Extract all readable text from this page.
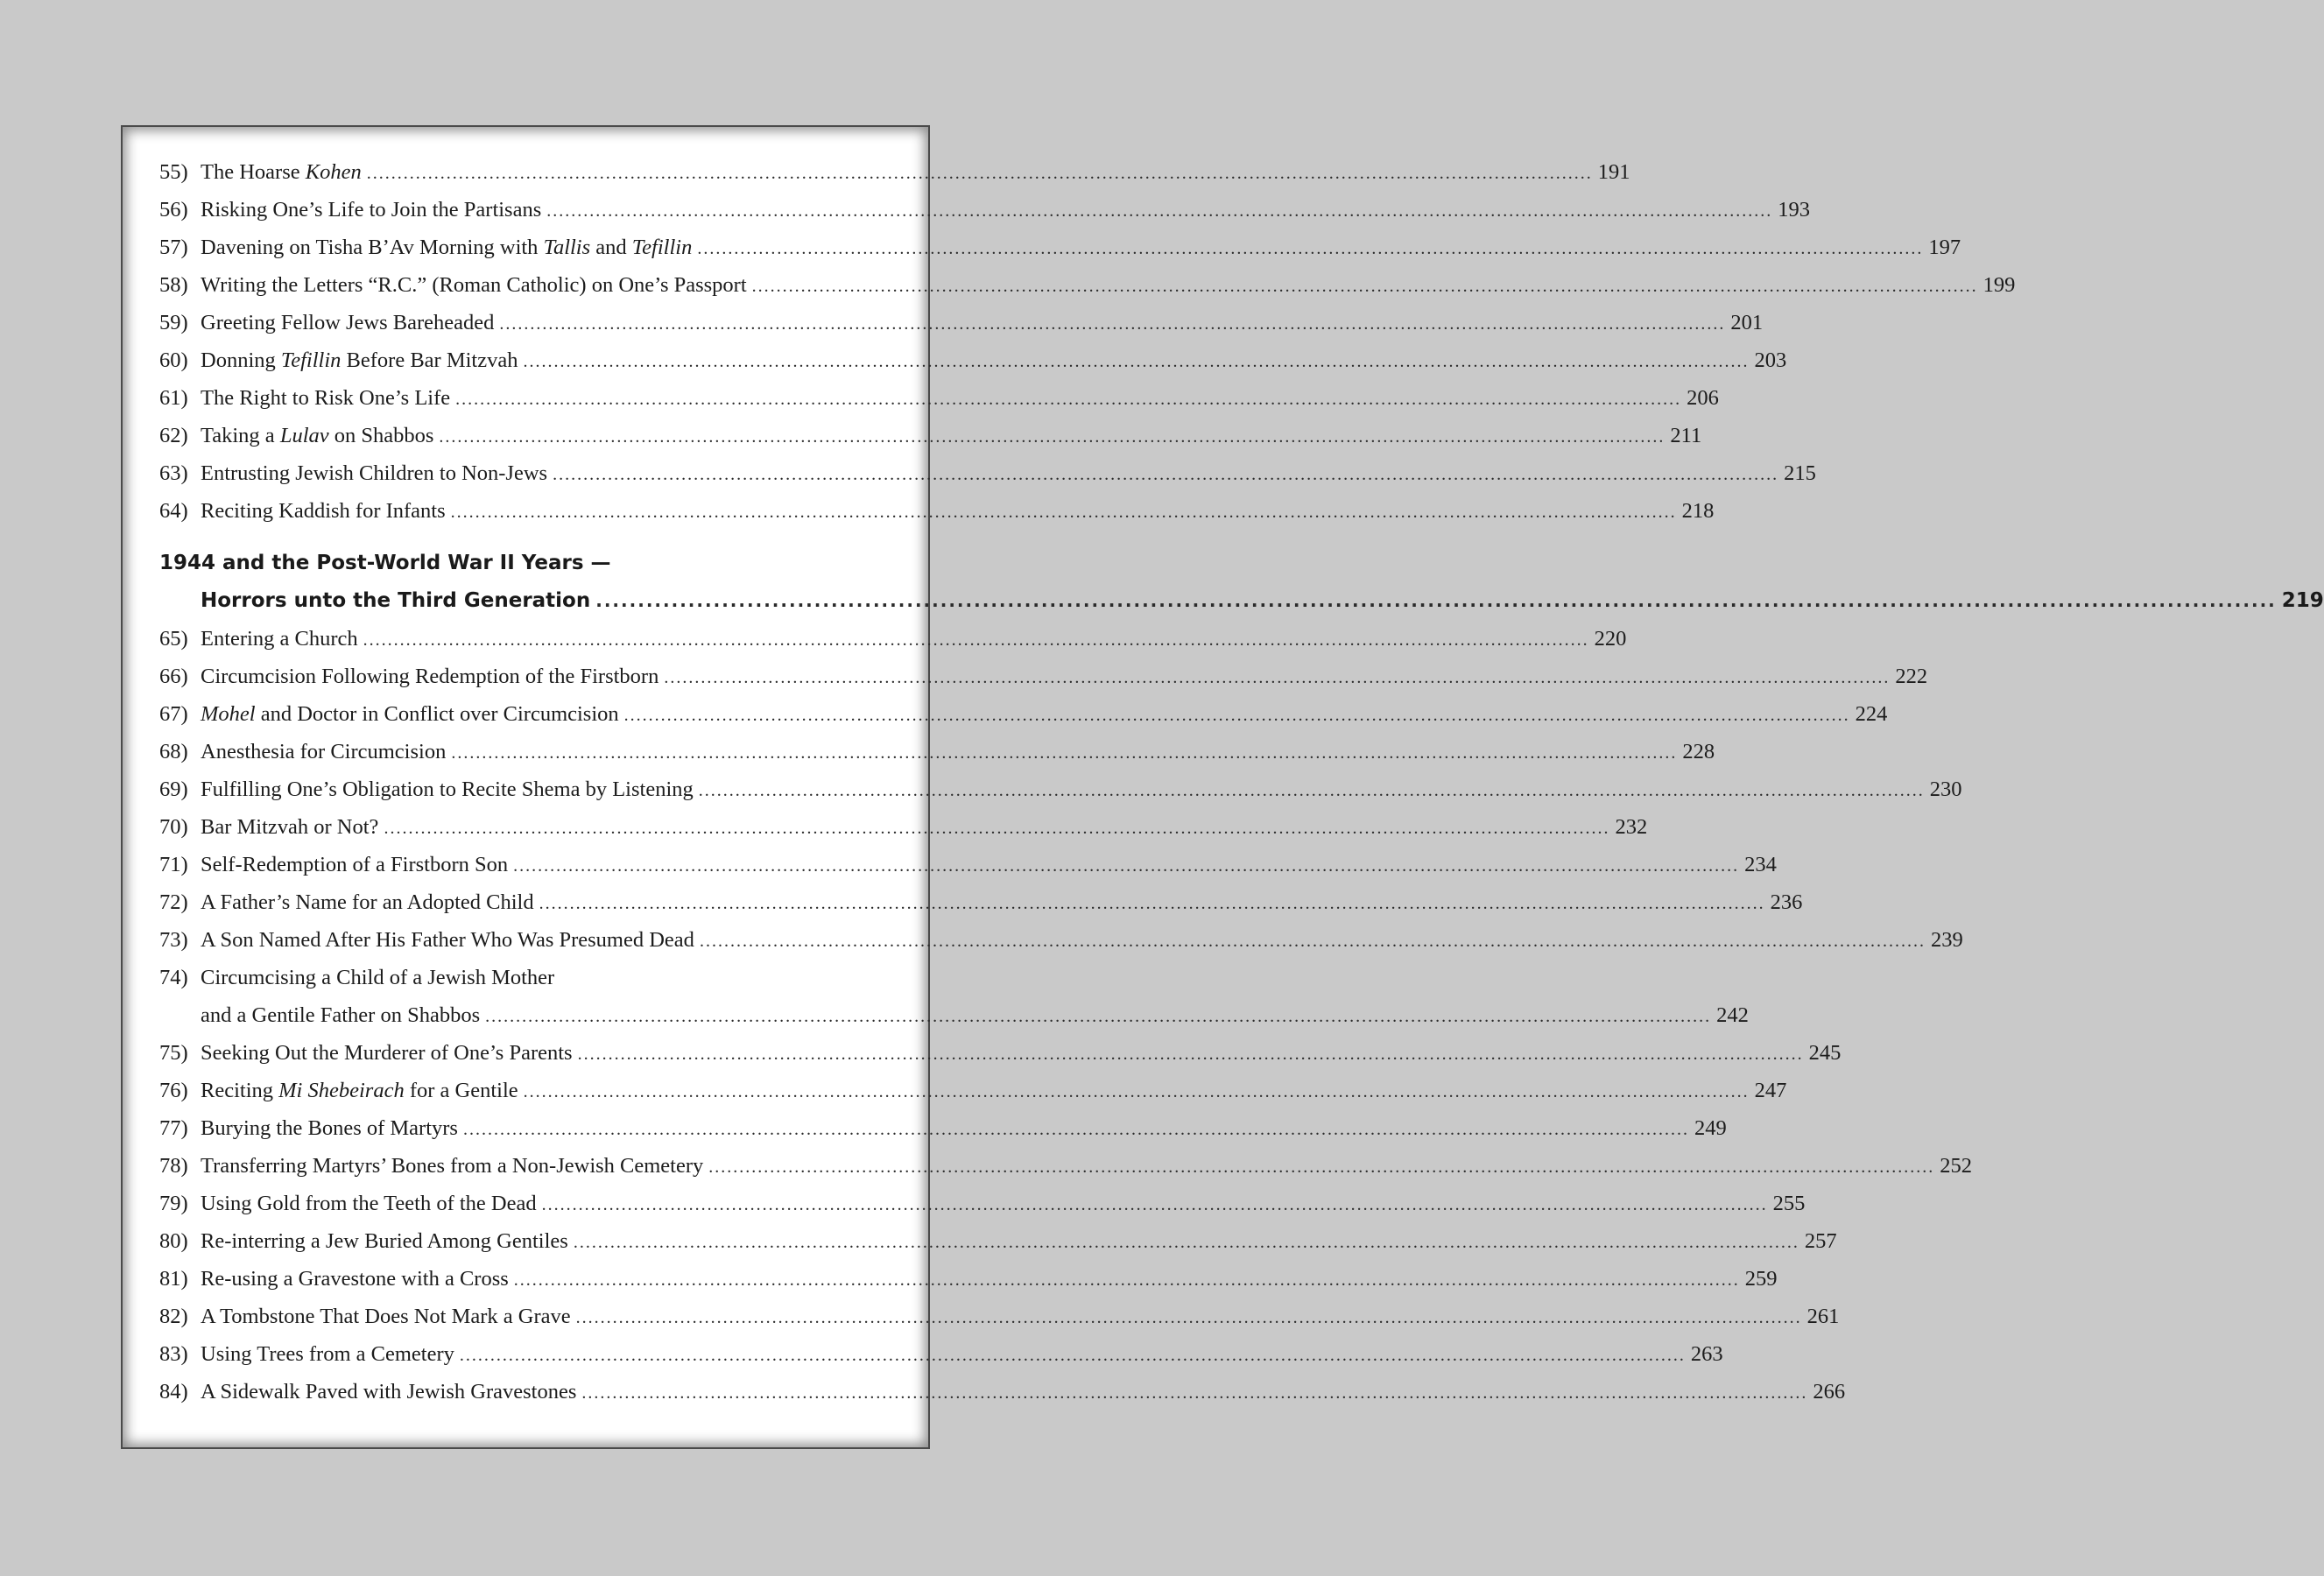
55) The Hoarse Kohen ........................................................................................................................................................................................................ 191
56) Risking One’s Life to Join the Partisans ........................................................................................................................................................................................................ 193
57) Davening on Tisha B’Av Morning with Tallis and Tefillin ........................................................................................................................................................................................................ 197
58) Writing the Letters “R.C.” (Roman Catholic) on One’s Passport ........................................................................................................................................................................................................ 199
59) Greeting Fellow Jews Bareheaded ........................................................................................................................................................................................................ 201
60) Donning Tefillin Before Bar Mitzvah ........................................................................................................................................................................................................ 203
61) The Right to Risk One’s Life ........................................................................................................................................................................................................ 206
62) Taking a Lulav on Shabbos ........................................................................................................................................................................................................ 211
63) Entrusting Jewish Children to Non-Jews ........................................................................................................................................................................................................ 215
64) Reciting Kaddish for Infants ........................................................................................................................................................................................................ 218
1944 and the Post-World War II Years —
Horrors unto the Third Generation ........................................................................................................................................................................................................ 219
65) Entering a Church ........................................................................................................................................................................................................ 220
66) Circumcision Following Redemption of the Firstborn ........................................................................................................................................................................................................ 222
67) Mohel and Doctor in Conflict over Circumcision ........................................................................................................................................................................................................ 224
68) Anesthesia for Circumcision ........................................................................................................................................................................................................ 228
69) Fulfilling One’s Obligation to Recite Shema by Listening ........................................................................................................................................................................................................ 230
70) Bar Mitzvah or Not? ........................................................................................................................................................................................................ 232
71) Self-Redemption of a Firstborn Son ........................................................................................................................................................................................................ 234
72) A Father’s Name for an Adopted Child ........................................................................................................................................................................................................ 236
73) A Son Named After His Father Who Was Presumed Dead ........................................................................................................................................................................................................ 239
74) Circumcising a Child of a Jewish Mother
and a Gentile Father on Shabbos ........................................................................................................................................................................................................ 242
75) Seeking Out the Murderer of One’s Parents ........................................................................................................................................................................................................ 245
76) Reciting Mi Shebeirach for a Gentile ........................................................................................................................................................................................................ 247
77) Burying the Bones of Martyrs ........................................................................................................................................................................................................ 249
78) Transferring Martyrs’ Bones from a Non-Jewish Cemetery ........................................................................................................................................................................................................ 252
79) Using Gold from the Teeth of the Dead ........................................................................................................................................................................................................ 255
80) Re-interring a Jew Buried Among Gentiles ........................................................................................................................................................................................................ 257
81) Re-using a Gravestone with a Cross ........................................................................................................................................................................................................ 259
82) A Tombstone That Does Not Mark a Grave ........................................................................................................................................................................................................ 261
83) Using Trees from a Cemetery ........................................................................................................................................................................................................ 263
84) A Sidewalk Paved with Jewish Gravestones ........................................................................................................................................................................................................ 266
